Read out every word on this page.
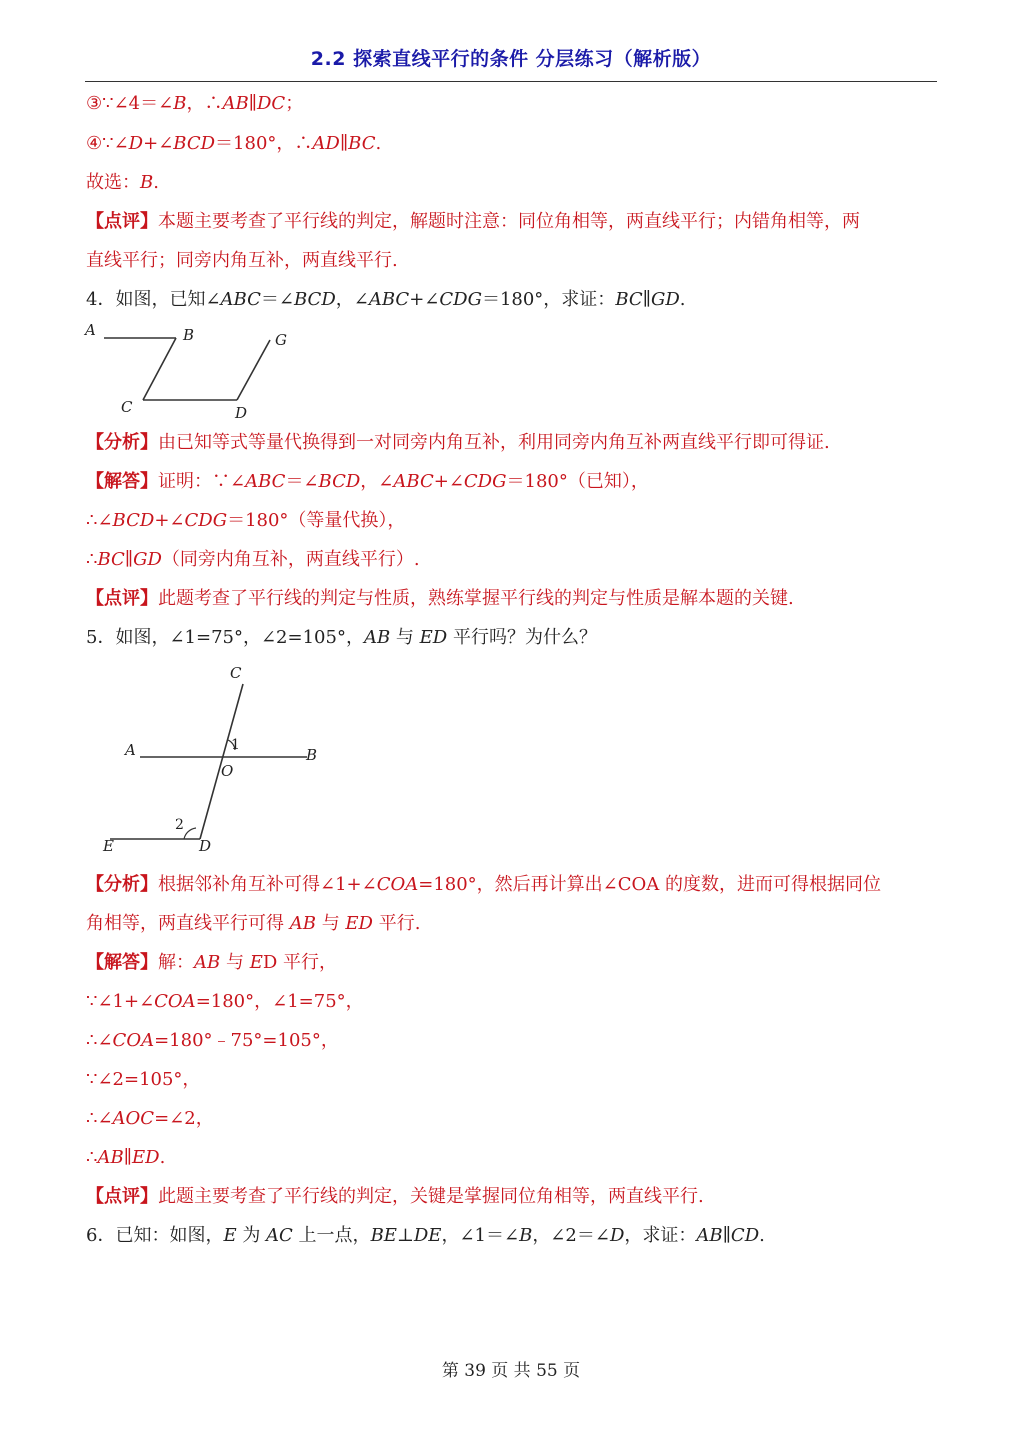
2.2 探索直线平行的条件 分层练习（解析版）
③∵∠4＝∠B，∴AB∥DC；
④∵∠D+∠BCD＝180°，∴AD∥BC.
故选：B.
【点评】本题主要考查了平行线的判定，解题时注意：同位角相等，两直线平行；内错角相等，两
直线平行；同旁内角互补，两直线平行.
4．如图，已知∠ABC＝∠BCD，∠ABC+∠CDG＝180°，求证：BC∥GD.
A	B
C	D
G
【分析】由已知等式等量代换得到一对同旁内角互补，利用同旁内角互补两直线平行即可得证.
【解答】证明：∵∠ABC＝∠BCD，∠ABC+∠CDG＝180°（已知），
∴∠BCD+∠CDG＝180°（等量代换），
∴BC∥GD（同旁内角互补，两直线平行）.
【点评】此题考查了平行线的判定与性质，熟练掌握平行线的判定与性质是解本题的关键.
5．如图，∠1=75°，∠2=105°，AB 与 ED 平行吗？为什么？
C
A	B
O
D
E
1
2
【分析】根据邻补角互补可得∠1+∠COA=180°，然后再计算出∠COA 的度数，进而可得根据同位
角相等，两直线平行可得 AB 与 ED 平行.
【解答】解：AB 与 ED 平行，
∵∠1+∠COA=180°，∠1=75°，
∴∠COA=180°﹣75°=105°，
∵∠2=105°，
∴∠AOC=∠2，
∴AB∥ED.
【点评】此题主要考查了平行线的判定，关键是掌握同位角相等，两直线平行.
6．已知：如图，E 为 AC 上一点，BE⊥DE，∠1＝∠B，∠2＝∠D，求证：AB∥CD.
第 39 页 共 55 页
